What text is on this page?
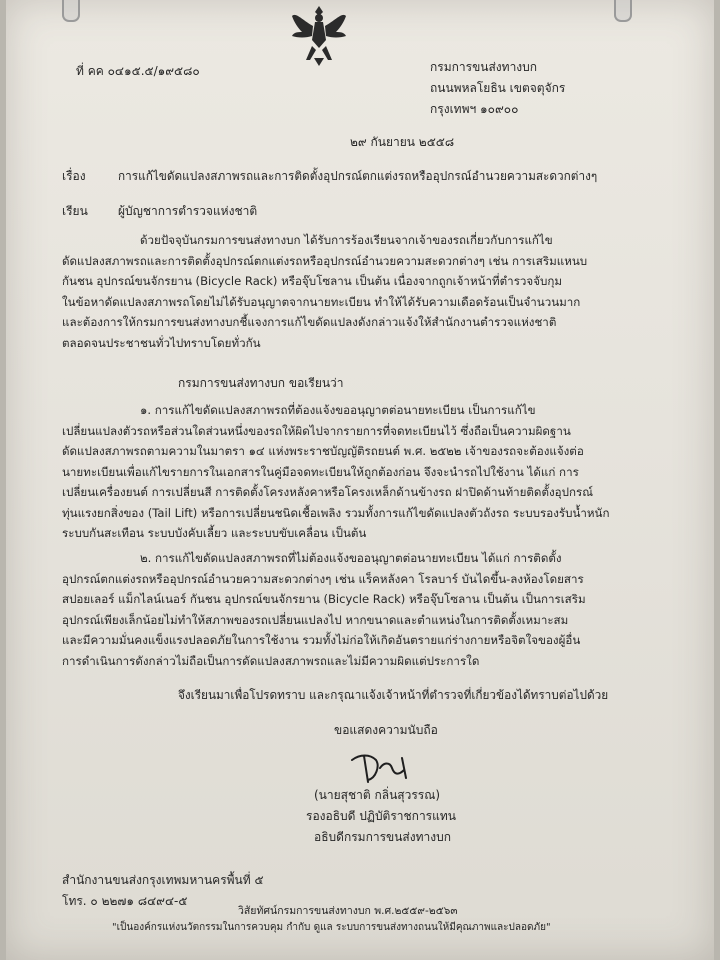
ที่ คค ๐๔๑๕.๕/๑๙๕๘๐	กรมการขนส่งทางบก
ถนนพหลโยธิน เขตจตุจักร
กรุงเทพฯ ๑๐๙๐๐
๒๙ กันยายน ๒๕๕๘
เรื่อง	การแก้ไขดัดแปลงสภาพรถและการติดตั้งอุปกรณ์ตกแต่งรถหรืออุปกรณ์อำนวยความสะดวกต่างๆ
เรียน	ผู้บัญชาการตำรวจแห่งชาติ

ด้วยปัจจุบันกรมการขนส่งทางบก ได้รับการร้องเรียนจากเจ้าของรถเกี่ยวกับการแก้ไข

ดัดแปลงสภาพรถและการติดตั้งอุปกรณ์ตกแต่งรถหรืออุปกรณ์อำนวยความสะดวกต่างๆ เช่น การเสริมแหนบ

กันชน อุปกรณ์ขนจักรยาน (Bicycle Rack) หรือจุ๊บโซลาน เป็นต้น เนื่องจากถูกเจ้าหน้าที่ตำรวจจับกุม

ในข้อหาดัดแปลงสภาพรถโดยไม่ได้รับอนุญาตจากนายทะเบียน ทำให้ได้รับความเดือดร้อนเป็นจำนวนมาก

และต้องการให้กรมการขนส่งทางบกชี้แจงการแก้ไขดัดแปลงดังกล่าวแจ้งให้สำนักงานตำรวจแห่งชาติ

ตลอดจนประชาชนทั่วไปทราบโดยทั่วกัน

กรมการขนส่งทางบก ขอเรียนว่า

๑. การแก้ไขดัดแปลงสภาพรถที่ต้องแจ้งขออนุญาตต่อนายทะเบียน เป็นการแก้ไข

เปลี่ยนแปลงตัวรถหรือส่วนใดส่วนหนึ่งของรถให้ผิดไปจากรายการที่จดทะเบียนไว้ ซึ่งถือเป็นความผิดฐาน

ดัดแปลงสภาพรถตามความในมาตรา ๑๔ แห่งพระราชบัญญัติรถยนต์ พ.ศ. ๒๕๒๒ เจ้าของรถจะต้องแจ้งต่อ

นายทะเบียนเพื่อแก้ไขรายการในเอกสารในคู่มือจดทะเบียนให้ถูกต้องก่อน จึงจะนำรถไปใช้งาน ได้แก่ การ

เปลี่ยนเครื่องยนต์ การเปลี่ยนสี การติดตั้งโครงหลังคาหรือโครงเหล็กด้านข้างรถ ฝาปิดด้านท้ายติดตั้งอุปกรณ์

ทุ่นแรงยกสิ่งของ (Tail Lift) หรือการเปลี่ยนชนิดเชื้อเพลิง รวมทั้งการแก้ไขดัดแปลงตัวถังรถ ระบบรองรับน้ำหนัก

ระบบกันสะเทือน ระบบบังคับเลี้ยว และระบบขับเคลื่อน เป็นต้น

๒. การแก้ไขดัดแปลงสภาพรถที่ไม่ต้องแจ้งขออนุญาตต่อนายทะเบียน ได้แก่ การติดตั้ง

อุปกรณ์ตกแต่งรถหรืออุปกรณ์อำนวยความสะดวกต่างๆ เช่น แร็คหลังคา โรลบาร์ บันไดขึ้น-ลงห้องโดยสาร

สปอยเลอร์ แม็กไลน์เนอร์ กันชน อุปกรณ์ขนจักรยาน (Bicycle Rack) หรือจุ๊บโซลาน เป็นต้น เป็นการเสริม

อุปกรณ์เพียงเล็กน้อยไม่ทำให้สภาพของรถเปลี่ยนแปลงไป หากขนาดและตำแหน่งในการติดตั้งเหมาะสม

และมีความมั่นคงแข็งแรงปลอดภัยในการใช้งาน รวมทั้งไม่ก่อให้เกิดอันตรายแก่ร่างกายหรือจิตใจของผู้อื่น

การดำเนินการดังกล่าวไม่ถือเป็นการดัดแปลงสภาพรถและไม่มีความผิดแต่ประการใด

จึงเรียนมาเพื่อโปรดทราบ และกรุณาแจ้งเจ้าหน้าที่ตำรวจที่เกี่ยวข้องได้ทราบต่อไปด้วย
ขอแสดงความนับถือ
(นายสุชาติ กลิ่นสุวรรณ)
รองอธิบดี ปฏิบัติราชการแทน
อธิบดีกรมการขนส่งทางบก
สำนักงานขนส่งกรุงเทพมหานครพื้นที่ ๕
โทร. ๐ ๒๒๗๑ ๘๔๙๔-๕
วิสัยทัศน์กรมการขนส่งทางบก พ.ศ.๒๕๕๙-๒๕๖๓
"เป็นองค์กรแห่งนวัตกรรมในการควบคุม กำกับ ดูแล ระบบการขนส่งทางถนนให้มีคุณภาพและปลอดภัย"
